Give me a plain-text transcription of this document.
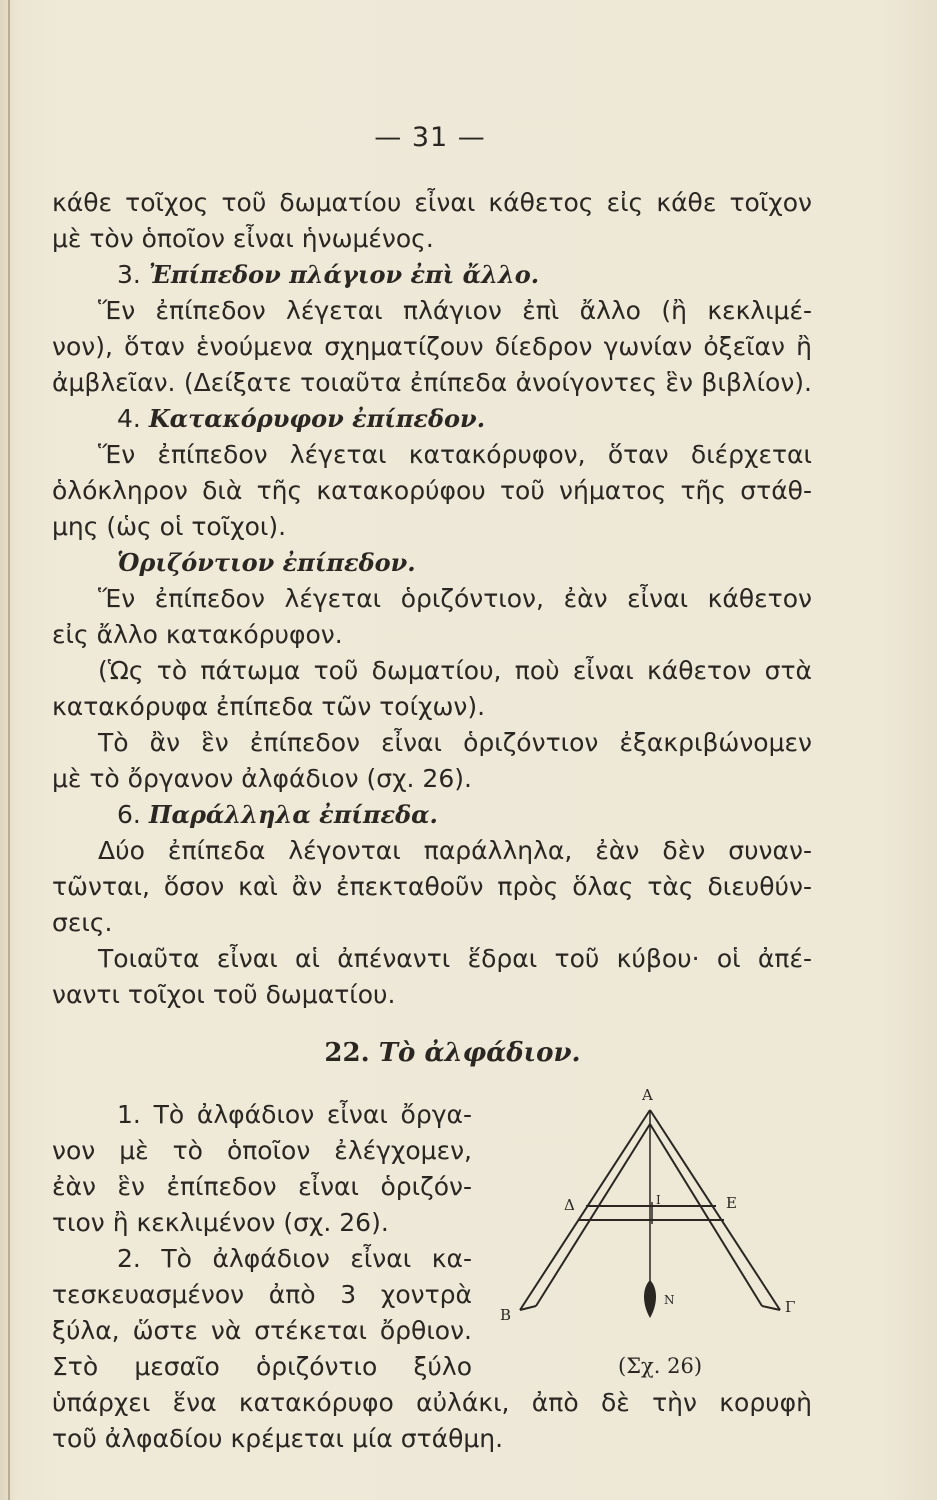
— 31 —
κάθε τοῖχος τοῦ δωματίου εἶναι κάθετος εἰς κάθε τοῖχον
μὲ τὸν ὁποῖον εἶναι ἡνωμένος.
3. Ἐπίπεδον πλάγιον ἐπὶ ἄλλο.
Ἕν ἐπίπεδον λέγεται πλάγιον ἐπὶ ἄλλο (ἢ κεκλιμέ-
νον), ὅταν ἑνούμενα σχηματίζουν δίεδρον γωνίαν ὀξεῖαν ἢ
ἀμβλεῖαν. (Δείξατε τοιαῦτα ἐπίπεδα ἀνοίγοντες ἓν βιβλίον).
4. Κατακόρυφον ἐπίπεδον.
Ἕν ἐπίπεδον λέγεται κατακόρυφον, ὅταν διέρχεται
ὁλόκληρον διὰ τῆς κατακορύφου τοῦ νήματος τῆς στάθ-
μης (ὡς οἱ τοῖχοι).
Ὁριζόντιον ἐπίπεδον.
Ἕν ἐπίπεδον λέγεται ὁριζόντιον, ἐὰν εἶναι κάθετον
εἰς ἄλλο κατακόρυφον.
(Ὡς τὸ πάτωμα τοῦ δωματίου, ποὺ εἶναι κάθετον στὰ
κατακόρυφα ἐπίπεδα τῶν τοίχων).
Τὸ ἂν ἓν ἐπίπεδον εἶναι ὁριζόντιον ἐξακριβώνομεν
μὲ τὸ ὄργανον ἀλφάδιον (σχ. 26).
6. Παράλληλα ἐπίπεδα.
Δύο ἐπίπεδα λέγονται παράλληλα, ἐὰν δὲν συναν-
τῶνται, ὅσον καὶ ἂν ἐπεκταθοῦν πρὸς ὅλας τὰς διευθύν-
σεις.
Τοιαῦτα εἶναι αἱ ἀπέναντι ἕδραι τοῦ κύβου· οἱ ἀπέ-
ναντι τοῖχοι τοῦ δωματίου.
22. Τὸ ἀλφάδιον.
1. Τὸ ἀλφάδιον εἶναι ὄργα-
νον μὲ τὸ ὁποῖον ἐλέγχομεν,
ἐὰν ἓν ἐπίπεδον εἶναι ὁριζόν-
τιον ἢ κεκλιμένον (σχ. 26).
2. Τὸ ἀλφάδιον εἶναι κα-
τεσκευασμένον ἀπὸ 3 χοντρὰ
ξύλα, ὥστε νὰ στέκεται ὄρθιον.
Στὸ μεσαῖο ὁριζόντιο ξύλο
ὑπάρχει ἕνα κατακόρυφο αὐλάκι, ἀπὸ δὲ τὴν κορυφὴ
τοῦ ἀλφαδίου κρέμεται μία στάθμη.
Α
Β	Γ
Δ	Ε
Ι
Ν
(Σχ. 26)
